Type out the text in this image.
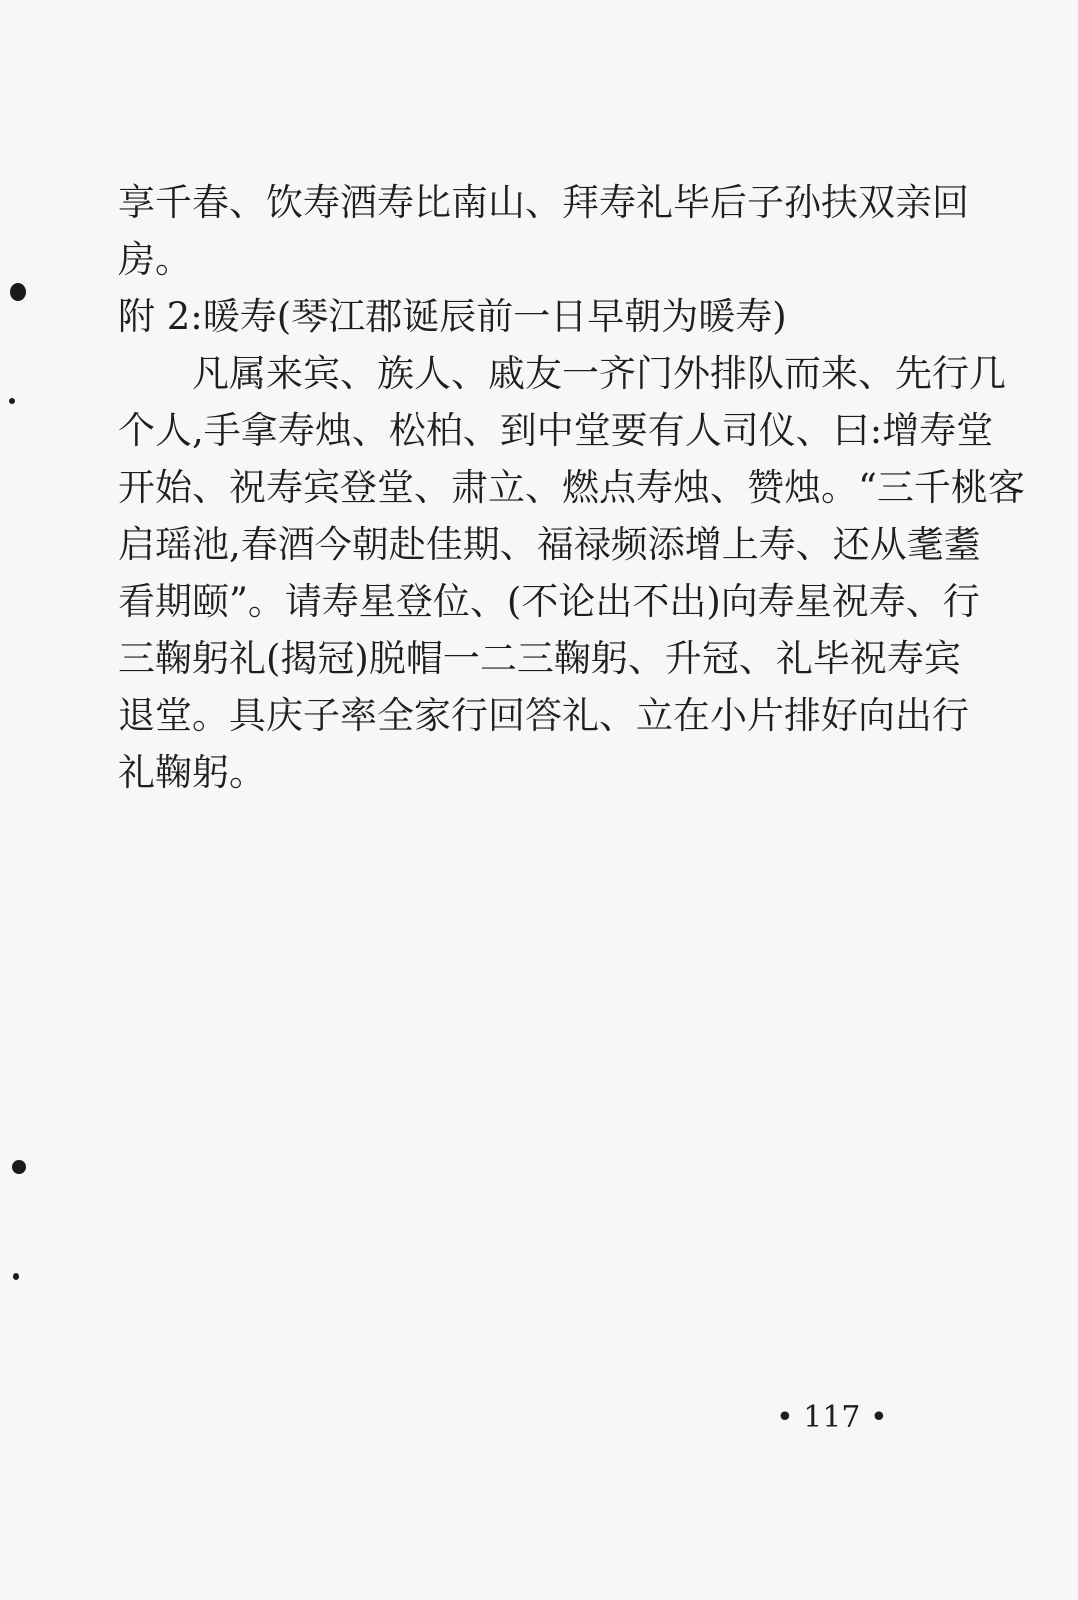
享千春、饮寿酒寿比南山、拜寿礼毕后子孙扶双亲回
房。
附 2:暖寿(琴江郡诞辰前一日早朝为暖寿)
凡属来宾、族人、戚友一齐门外排队而来、先行几
个人,手拿寿烛、松柏、到中堂要有人司仪、曰:增寿堂
开始、祝寿宾登堂、肃立、燃点寿烛、赞烛。“三千桃客
启瑶池,春酒今朝赴佳期、福禄频添增上寿、还从耄耋
看期颐”。请寿星登位、(不论出不出)向寿星祝寿、行
三鞠躬礼(揭冠)脱帽一二三鞠躬、升冠、礼毕祝寿宾
退堂。具庆子率全家行回答礼、立在小片排好向出行
礼鞠躬。
• 117 •
